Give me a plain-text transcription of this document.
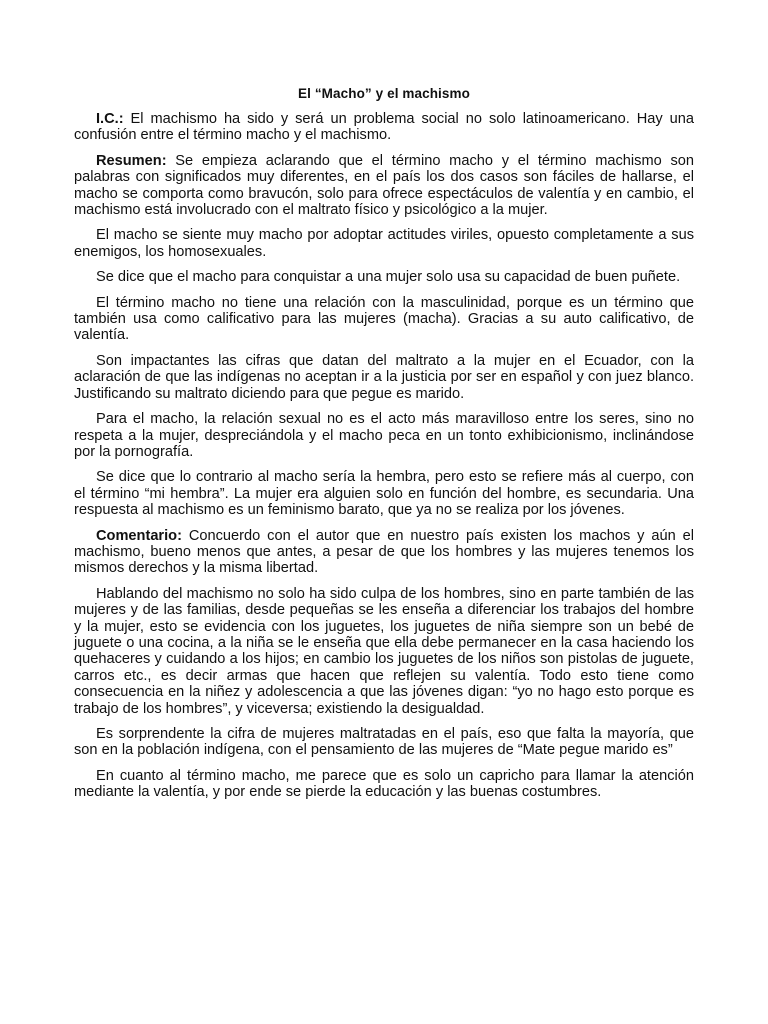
El “Macho” y el machismo

I.C.: El machismo ha sido y será un problema social no solo latinoamericano. Hay una confusión entre el término macho y el machismo.

Resumen: Se empieza aclarando que el término macho y el término machismo son palabras con significados muy diferentes, en el país los dos casos son fáciles de hallarse, el macho se comporta como bravucón, solo para ofrece espectáculos de valentía y en cambio, el machismo está involucrado con el maltrato físico y psicológico a la mujer.

El macho se siente muy macho por adoptar actitudes viriles, opuesto completamente a sus enemigos, los homosexuales.

Se dice que el macho para conquistar a una mujer solo usa su capacidad de buen puñete.

El término macho no tiene una relación con la masculinidad, porque es un término que también usa como calificativo para las mujeres (macha). Gracias a su auto calificativo, de valentía.

Son impactantes las cifras que datan del maltrato a la mujer en el Ecuador, con la aclaración de que las indígenas no aceptan ir a la justicia por ser en español y con juez blanco. Justificando su maltrato diciendo para que pegue es marido.

Para el macho, la relación sexual no es el acto más maravilloso entre los seres, sino no respeta a la mujer, despreciándola y el macho peca en un tonto exhibicionismo, inclinándose por la pornografía.

Se dice que lo contrario al macho sería la hembra, pero esto se refiere más al cuerpo, con el término “mi hembra”. La mujer era alguien solo en función del hombre, es secundaria. Una respuesta al machismo es un feminismo barato, que ya no se realiza por los jóvenes.

Comentario: Concuerdo con el autor que en nuestro país existen los machos y aún el machismo, bueno menos que antes, a pesar de que los hombres y las mujeres tenemos los mismos derechos y la misma libertad.

Hablando del machismo no solo ha sido culpa de los hombres, sino en parte también de las mujeres y de las familias, desde pequeñas se les enseña a diferenciar los trabajos del hombre y la mujer, esto se evidencia con los juguetes, los juguetes de niña siempre son un bebé de juguete o una cocina, a la niña se le enseña que ella debe permanecer en la casa haciendo los quehaceres y cuidando a los hijos; en cambio los juguetes de los niños son pistolas de juguete, carros etc., es decir armas que hacen que reflejen su valentía. Todo esto tiene como consecuencia en la niñez y adolescencia a que las jóvenes digan: “yo no hago esto porque es trabajo de los hombres”, y viceversa; existiendo la desigualdad.

Es sorprendente la cifra de mujeres maltratadas en el país, eso que falta la mayoría, que son en la población indígena, con el pensamiento de las mujeres de “Mate pegue marido es”

En cuanto al término macho, me parece que es solo un capricho para llamar la atención mediante la valentía, y por ende se pierde la educación y las buenas costumbres.
